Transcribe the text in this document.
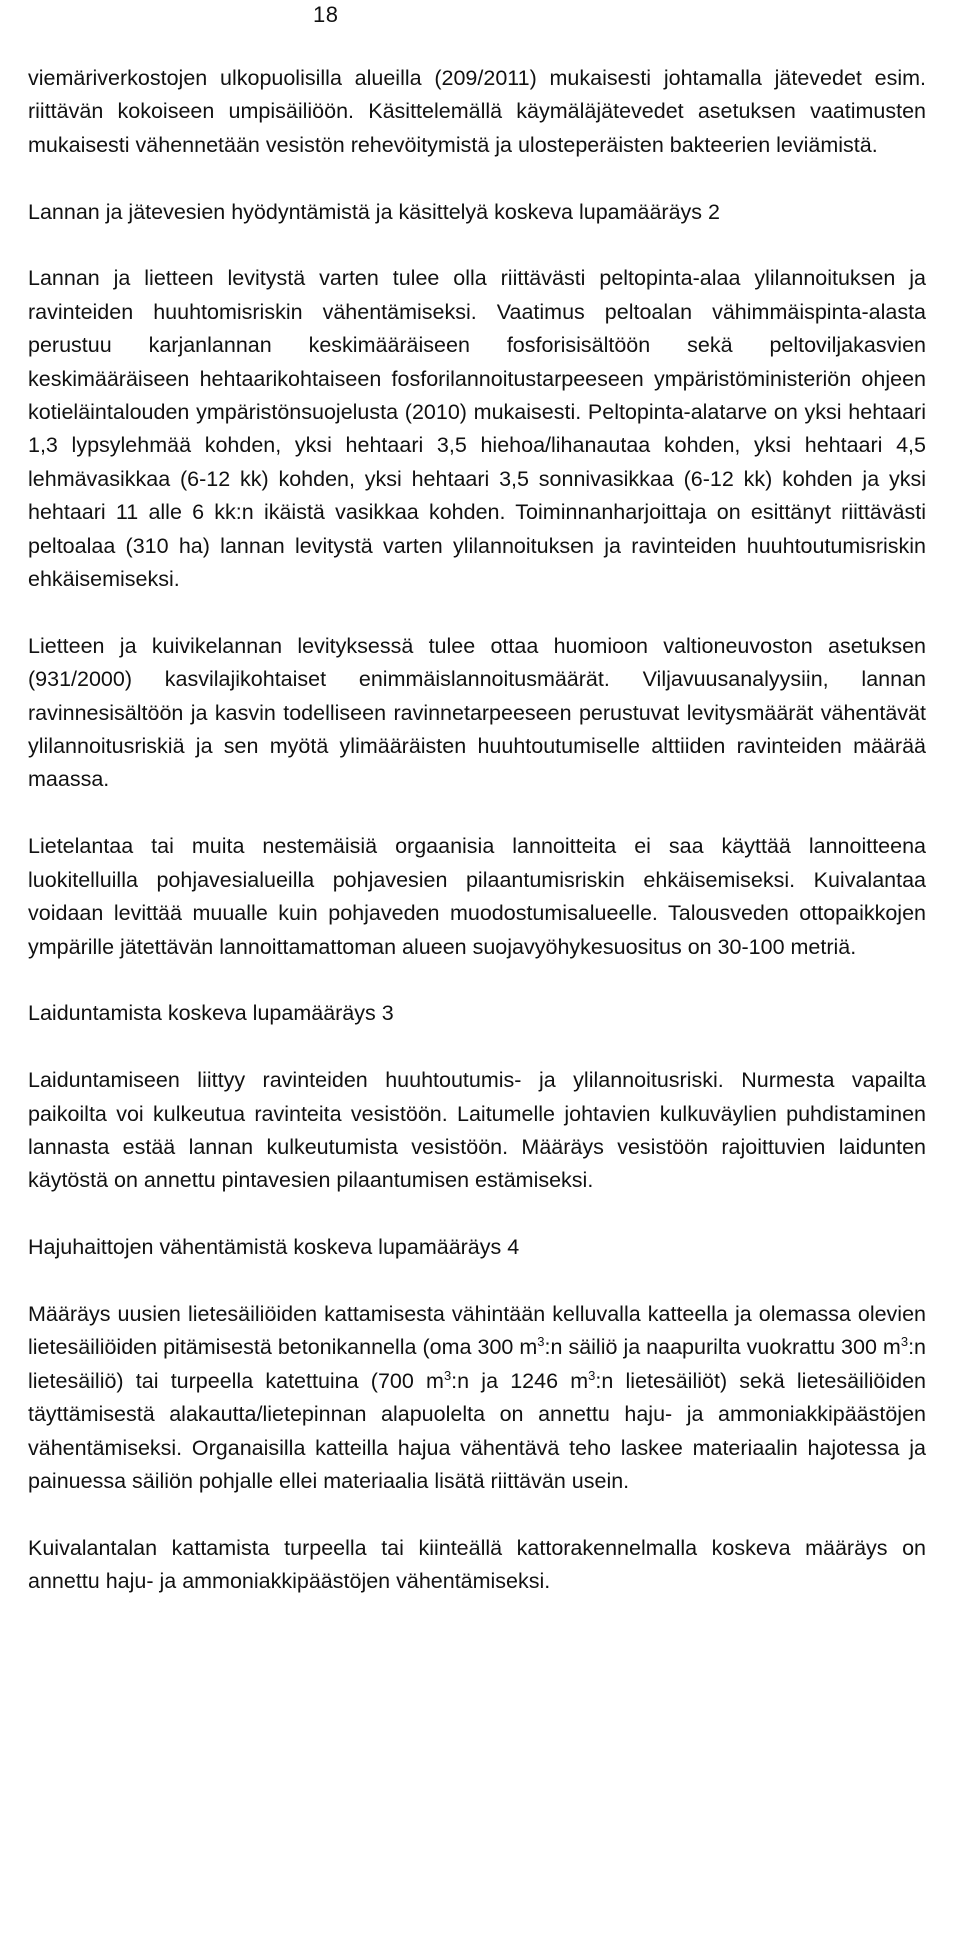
18

viemäriverkostojen ulkopuolisilla alueilla (209/2011) mukaisesti johtamalla jätevedet esim. riittävän kokoiseen umpisäiliöön. Käsittelemällä käymäläjätevedet asetuksen vaatimusten mukaisesti vähennetään vesistön rehevöitymistä ja ulosteperäisten bakteerien leviämistä.

Lannan ja jätevesien hyödyntämistä ja käsittelyä koskeva lupamääräys 2

Lannan ja lietteen levitystä varten tulee olla riittävästi peltopinta-alaa ylilannoituksen ja ravinteiden huuhtomisriskin vähentämiseksi. Vaatimus peltoalan vähimmäispinta-alasta perustuu karjanlannan keskimääräiseen fosforisisältöön sekä peltoviljakasvien keskimääräiseen hehtaarikohtaiseen fosforilannoitustarpeeseen ympäristöministeriön ohjeen kotieläintalouden ympäristönsuojelusta (2010) mukaisesti. Peltopinta-alatarve on yksi hehtaari 1,3 lypsylehmää kohden, yksi hehtaari 3,5 hiehoa/lihanautaa kohden, yksi hehtaari 4,5 lehmävasikkaa (6-12 kk) kohden, yksi hehtaari 3,5 sonnivasikkaa (6-12 kk) kohden ja yksi hehtaari 11 alle 6 kk:n ikäistä vasikkaa kohden. Toiminnanharjoittaja on esittänyt riittävästi peltoalaa (310 ha) lannan levitystä varten ylilannoituksen ja ravinteiden huuhtoutumisriskin ehkäisemiseksi.

Lietteen ja kuivikelannan levityksessä tulee ottaa huomioon valtioneuvoston asetuksen (931/2000) kasvilajikohtaiset enimmäislannoitusmäärät. Viljavuusanalyysiin, lannan ravinnesisältöön ja kasvin todelliseen ravinnetarpeeseen perustuvat levitysmäärät vähentävät ylilannoitusriskiä ja sen myötä ylimääräisten huuhtoutumiselle alttiiden ravinteiden määrää maassa.

Lietelantaa tai muita nestemäisiä orgaanisia lannoitteita ei saa käyttää lannoitteena luokitelluilla pohjavesialueilla pohjavesien pilaantumisriskin ehkäisemiseksi. Kuivalantaa voidaan levittää muualle kuin pohjaveden muodostumisalueelle. Talousveden ottopaikkojen ympärille jätettävän lannoittamattoman alueen suojavyöhykesuositus on 30-100 metriä.

Laiduntamista koskeva lupamääräys 3

Laiduntamiseen liittyy ravinteiden huuhtoutumis- ja ylilannoitusriski. Nurmesta vapailta paikoilta voi kulkeutua ravinteita vesistöön. Laitumelle johtavien kulkuväylien puhdistaminen lannasta estää lannan kulkeutumista vesistöön. Määräys vesistöön rajoittuvien laidunten käytöstä on annettu pintavesien pilaantumisen estämiseksi.

Hajuhaittojen vähentämistä koskeva lupamääräys 4

Määräys uusien lietesäiliöiden kattamisesta vähintään kelluvalla katteella ja olemassa olevien lietesäiliöiden pitämisestä betonikannella (oma 300 $m^3:n$ säiliö ja naapurilta vuokrattu 300 $m^3:n$ lietesäiliö) tai turpeella katettuina (700 $m^3:n$ ja 1246 $m^3:n$ lietesäiliöt) sekä lietesäiliöiden täyttämisestä alakautta/lietepinnan alapuolelta on annettu haju- ja ammoniakkipäästöjen vähentämiseksi. Organaisilla katteilla hajua vähentävä teho laskee materiaalin hajotessa ja painuessa säiliön pohjalle ellei materiaalia lisätä riittävän usein.

Kuivalantalan kattamista turpeella tai kiinteällä kattorakennelmalla koskeva määräys on annettu haju- ja ammoniakkipäästöjen vähentämiseksi.
